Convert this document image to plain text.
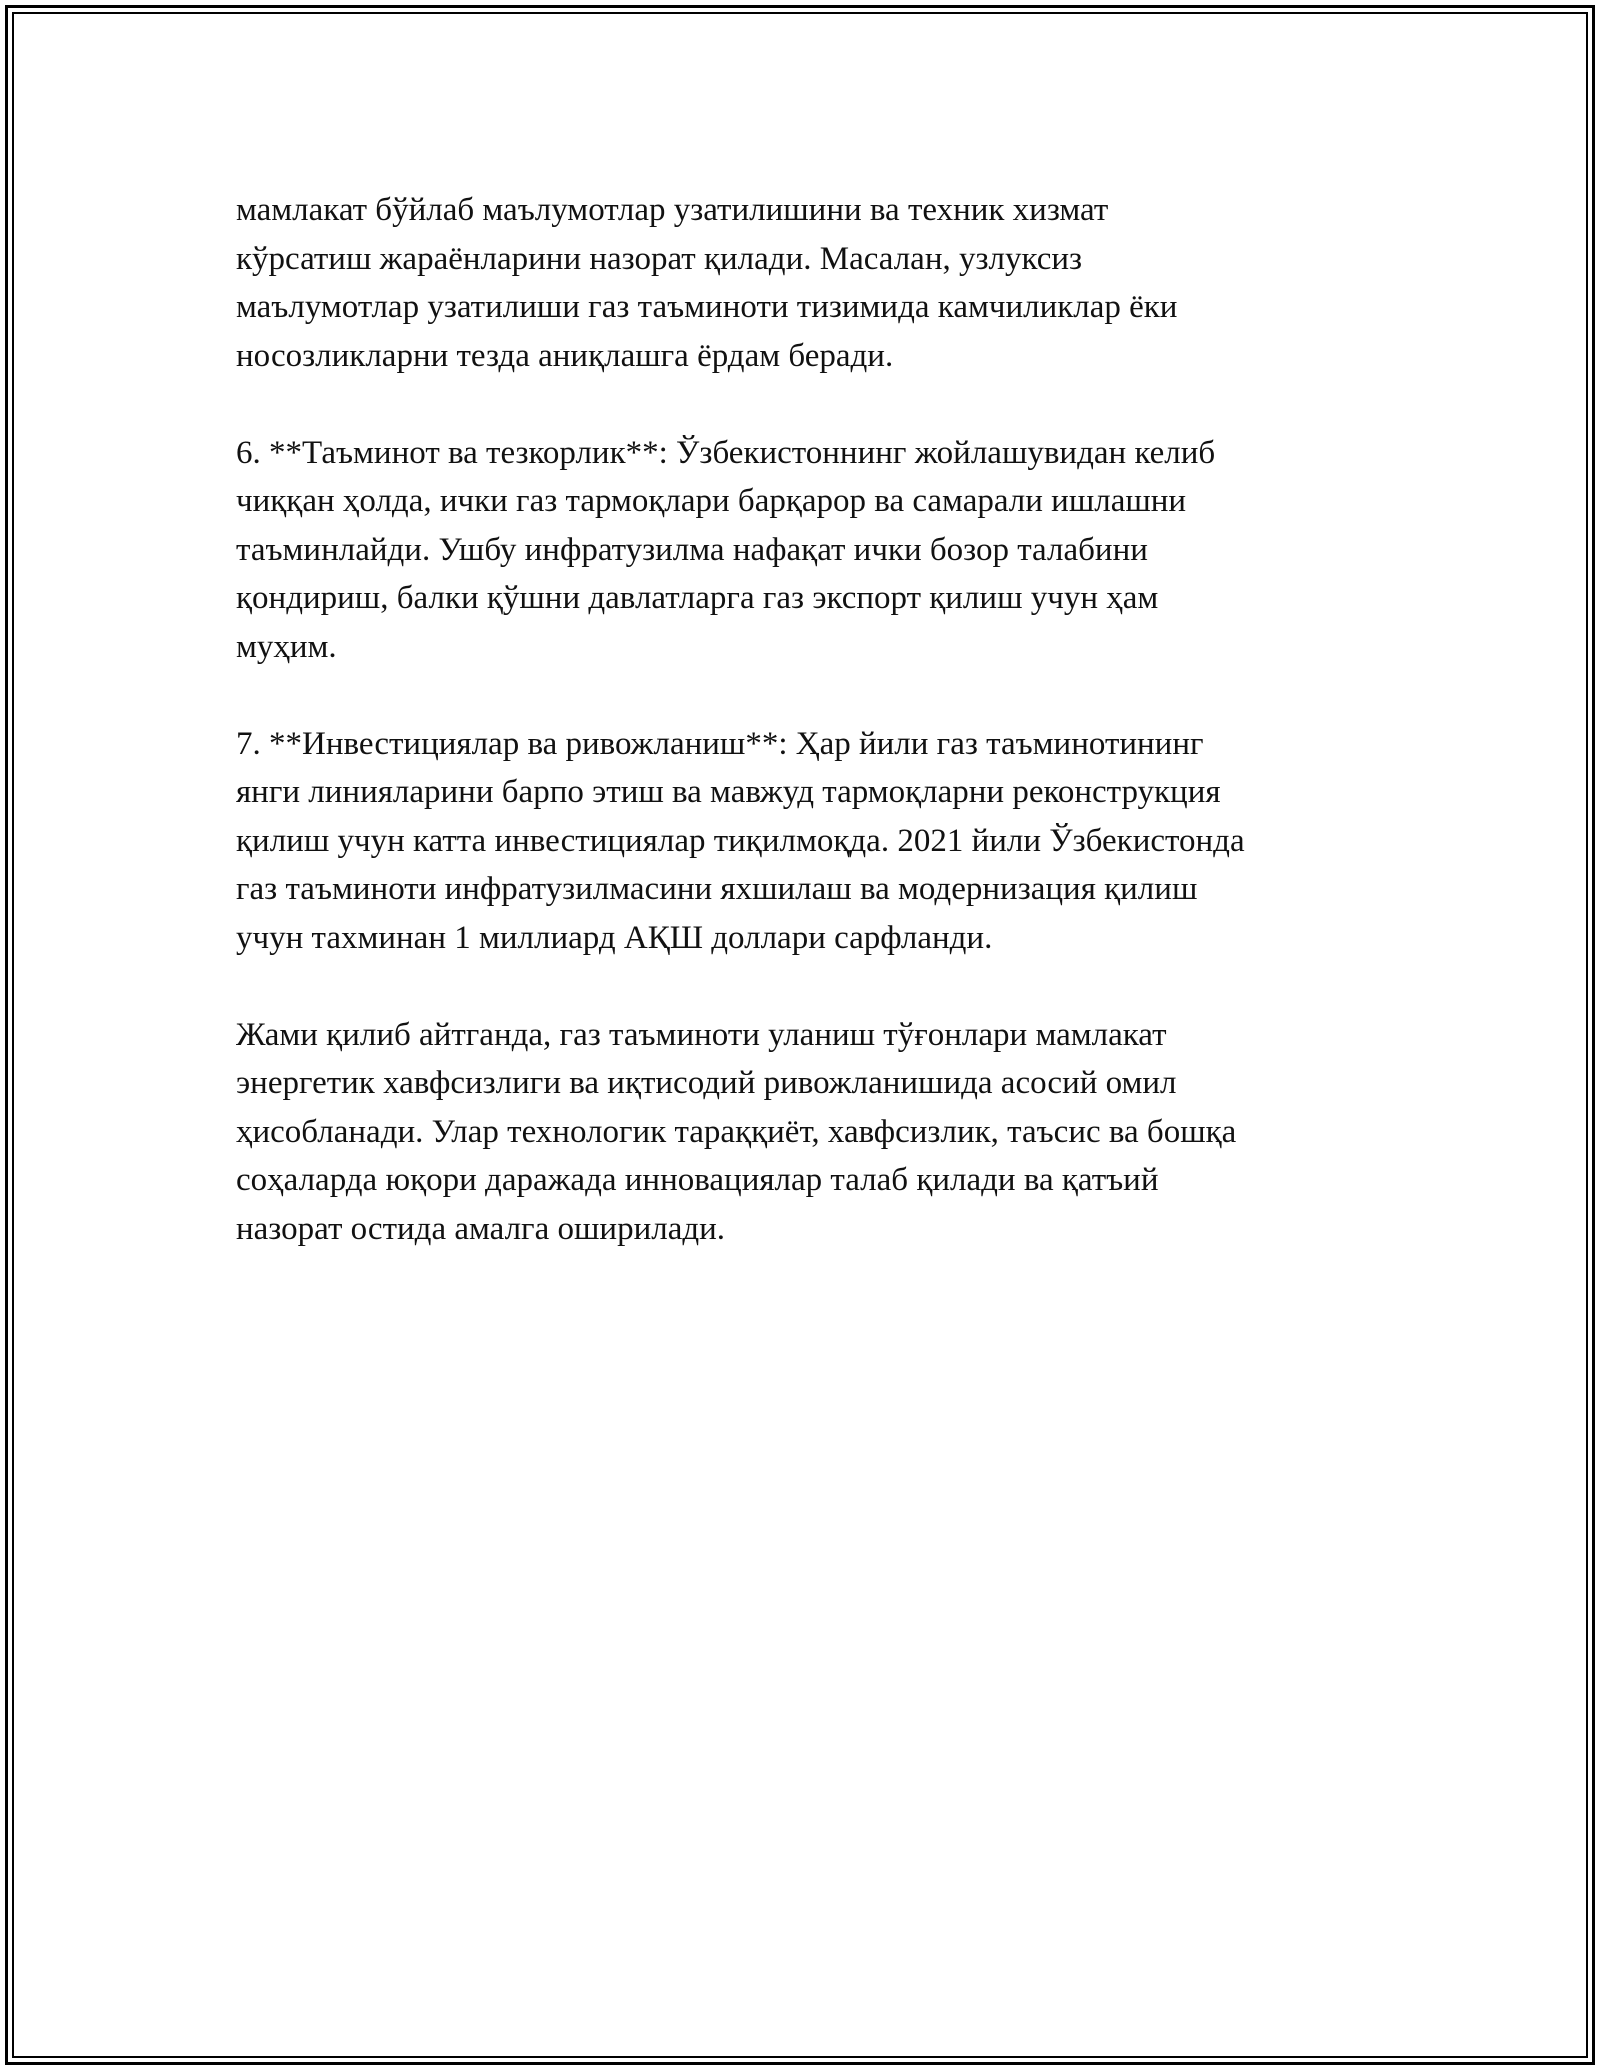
мамлакат бўйлаб маълумотлар узатилишини ва техник хизмат
кўрсатиш жараёнларини назорат қилади. Масалан, узлуксиз
маълумотлар узатилиши газ таъминоти тизимида камчиликлар ёки
носозликларни тезда аниқлашга ёрдам беради.

6. **Таъминот ва тезкорлик**: Ўзбекистоннинг жойлашувидан келиб
чиққан ҳолда, ички газ тармоқлари барқарор ва самарали ишлашни
таъминлайди. Ушбу инфратузилма нафақат ички бозор талабини
қондириш, балки қўшни давлатларга газ экспорт қилиш учун ҳам
муҳим.

7. **Инвестициялар ва ривожланиш**: Ҳар йили газ таъминотининг
янги линияларини барпо этиш ва мавжуд тармоқларни реконструкция
қилиш учун катта инвестициялар тиқилмоқда. 2021 йили Ўзбекистонда
газ таъминоти инфратузилмасини яхшилаш ва модернизация қилиш
учун тахминан 1 миллиард АҚШ доллари сарфланди.

Жами қилиб айтганда, газ таъминоти уланиш тўғонлари мамлакат
энергетик хавфсизлиги ва иқтисодий ривожланишида асосий омил
ҳисобланади. Улар технологик тараққиёт, хавфсизлик, таъсис ва бошқа
соҳаларда юқори даражада инновациялар талаб қилади ва қатъий
назорат остида амалга оширилади.
